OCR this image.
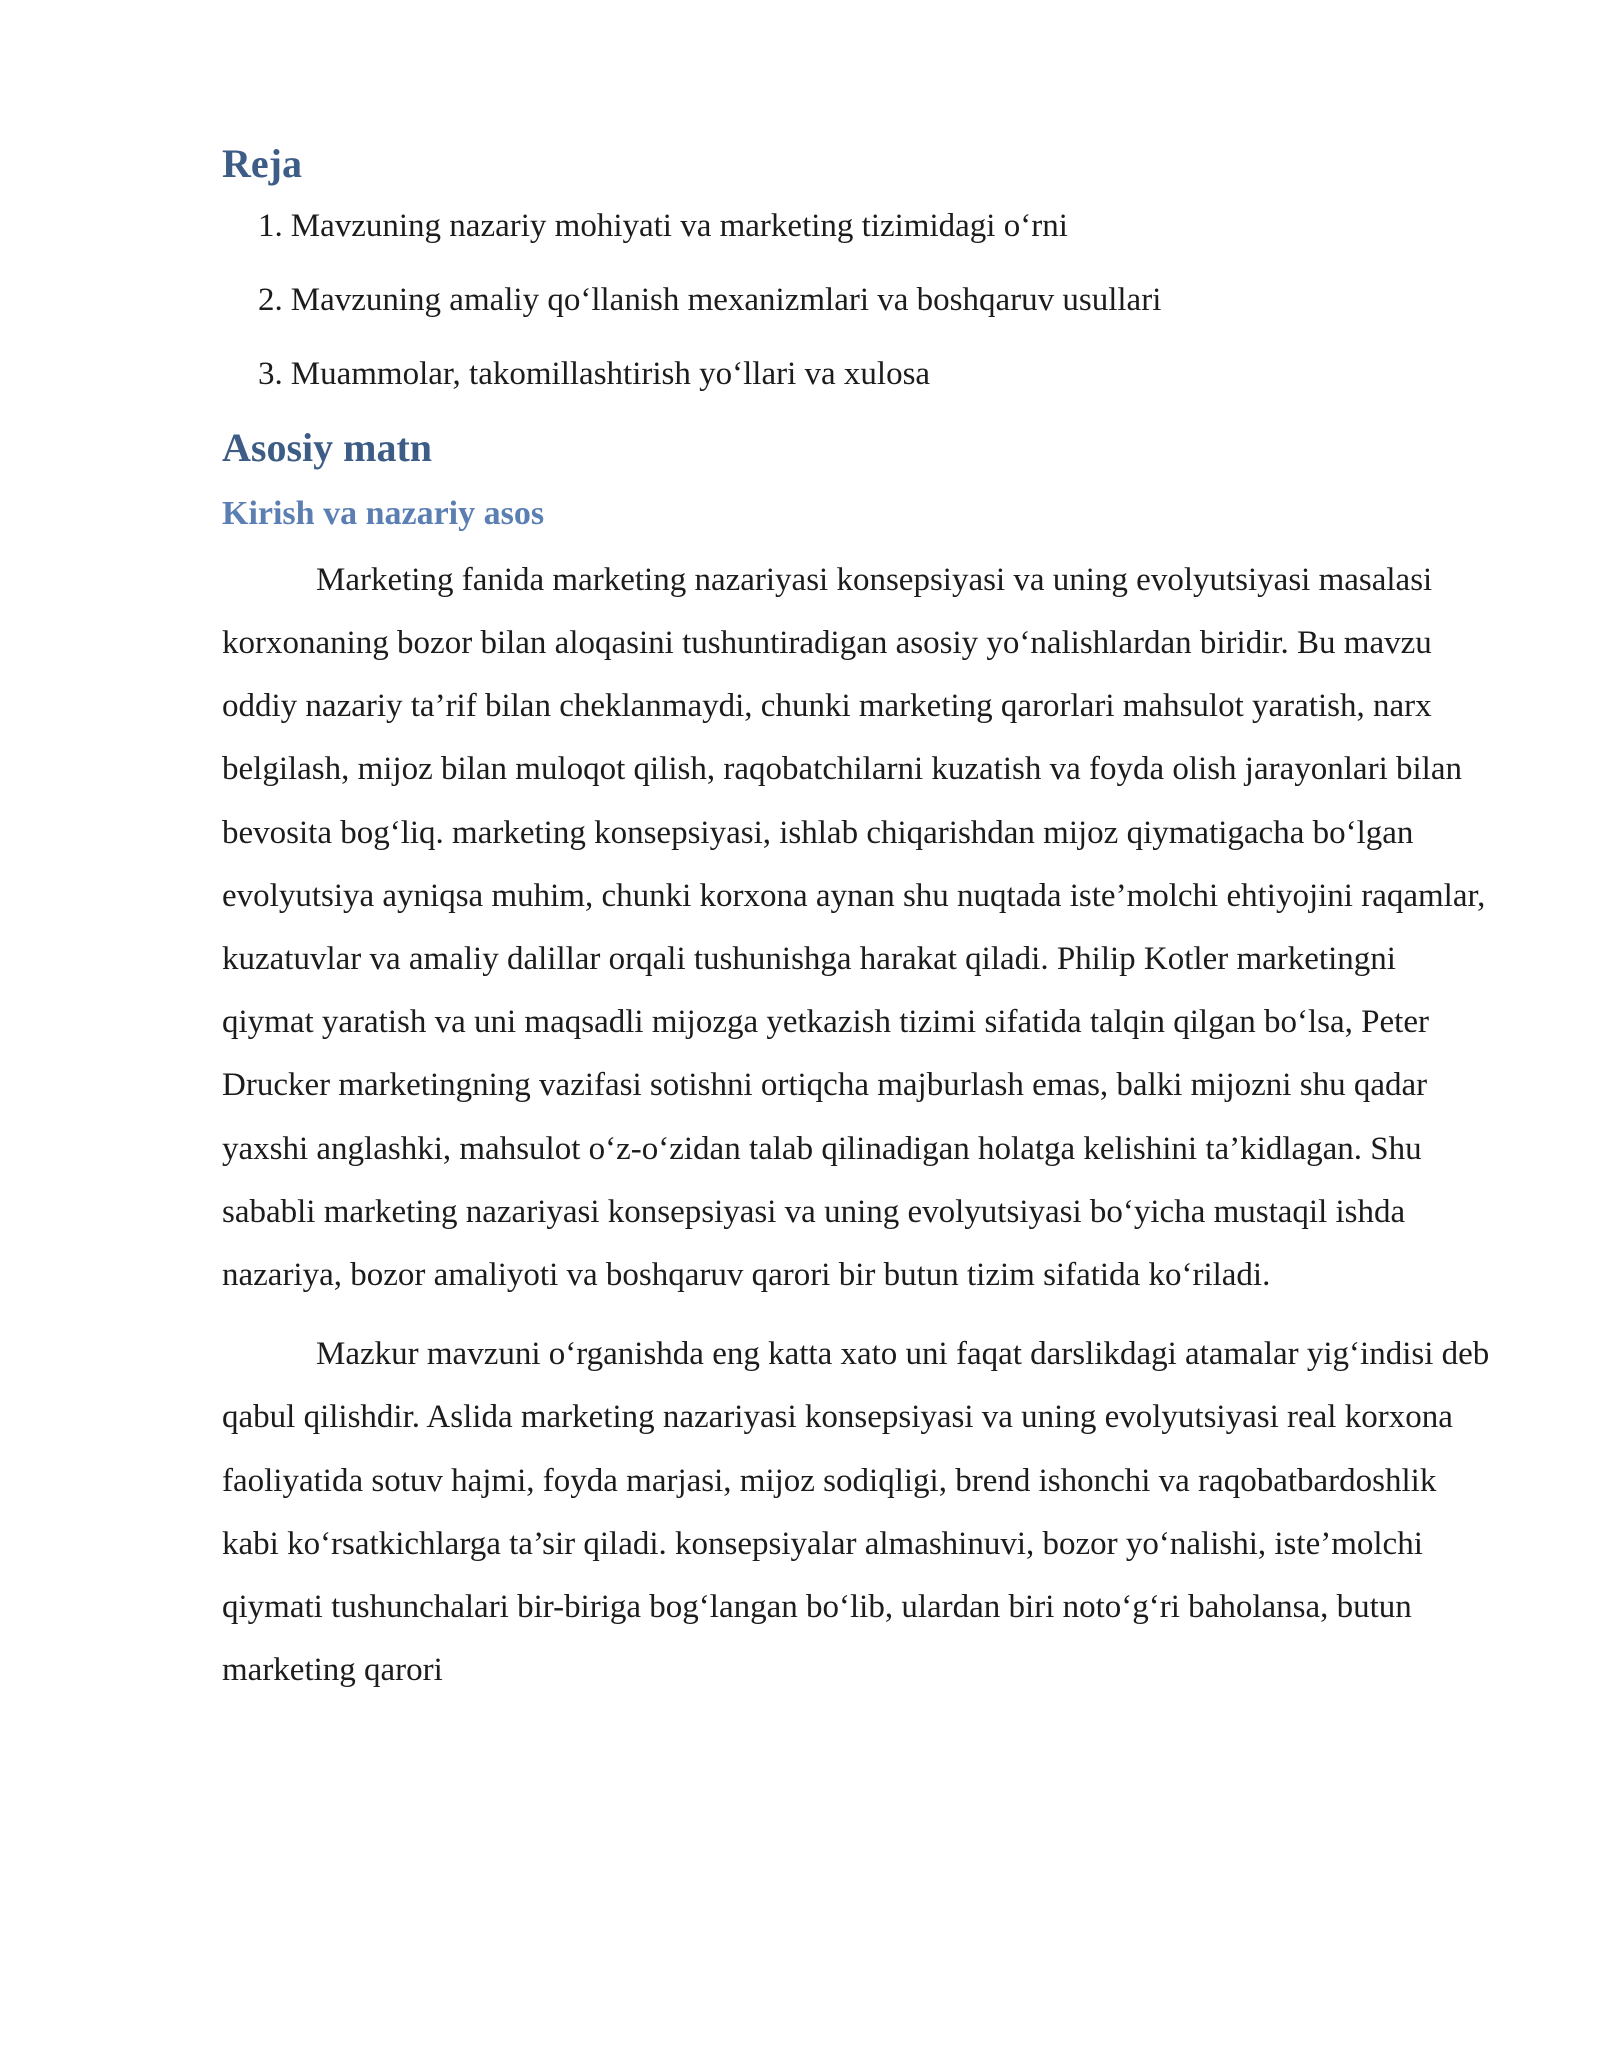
Reja
1. Mavzuning nazariy mohiyati va marketing tizimidagi o‘rni
2. Mavzuning amaliy qo‘llanish mexanizmlari va boshqaruv usullari
3. Muammolar, takomillashtirish yo‘llari va xulosa
Asosiy matn
Kirish va nazariy asos

Marketing fanida marketing nazariyasi konsepsiyasi va uning evolyutsiyasi masalasi korxonaning bozor bilan aloqasini tushuntiradigan asosiy yo‘nalishlardan biridir. Bu mavzu oddiy nazariy ta’rif bilan cheklanmaydi, chunki marketing qarorlari mahsulot yaratish, narx belgilash, mijoz bilan muloqot qilish, raqobatchilarni kuzatish va foyda olish jarayonlari bilan bevosita bog‘liq. marketing konsepsiyasi, ishlab chiqarishdan mijoz qiymatigacha bo‘lgan evolyutsiya ayniqsa muhim, chunki korxona aynan shu nuqtada iste’molchi ehtiyojini raqamlar, kuzatuvlar va amaliy dalillar orqali tushunishga harakat qiladi. Philip Kotler marketingni qiymat yaratish va uni maqsadli mijozga yetkazish tizimi sifatida talqin qilgan bo‘lsa, Peter Drucker marketingning vazifasi sotishni ortiqcha majburlash emas, balki mijozni shu qadar yaxshi anglashki, mahsulot o‘z-o‘zidan talab qilinadigan holatga kelishini ta’kidlagan. Shu sababli marketing nazariyasi konsepsiyasi va uning evolyutsiyasi bo‘yicha mustaqil ishda nazariya, bozor amaliyoti va boshqaruv qarori bir butun tizim sifatida ko‘riladi.

Mazkur mavzuni o‘rganishda eng katta xato uni faqat darslikdagi atamalar yig‘indisi deb qabul qilishdir. Aslida marketing nazariyasi konsepsiyasi va uning evolyutsiyasi real korxona faoliyatida sotuv hajmi, foyda marjasi, mijoz sodiqligi, brend ishonchi va raqobatbardoshlik kabi ko‘rsatkichlarga ta’sir qiladi. konsepsiyalar almashinuvi, bozor yo‘nalishi, iste’molchi qiymati tushunchalari bir-biriga bog‘langan bo‘lib, ulardan biri noto‘g‘ri baholansa, butun marketing qarori
